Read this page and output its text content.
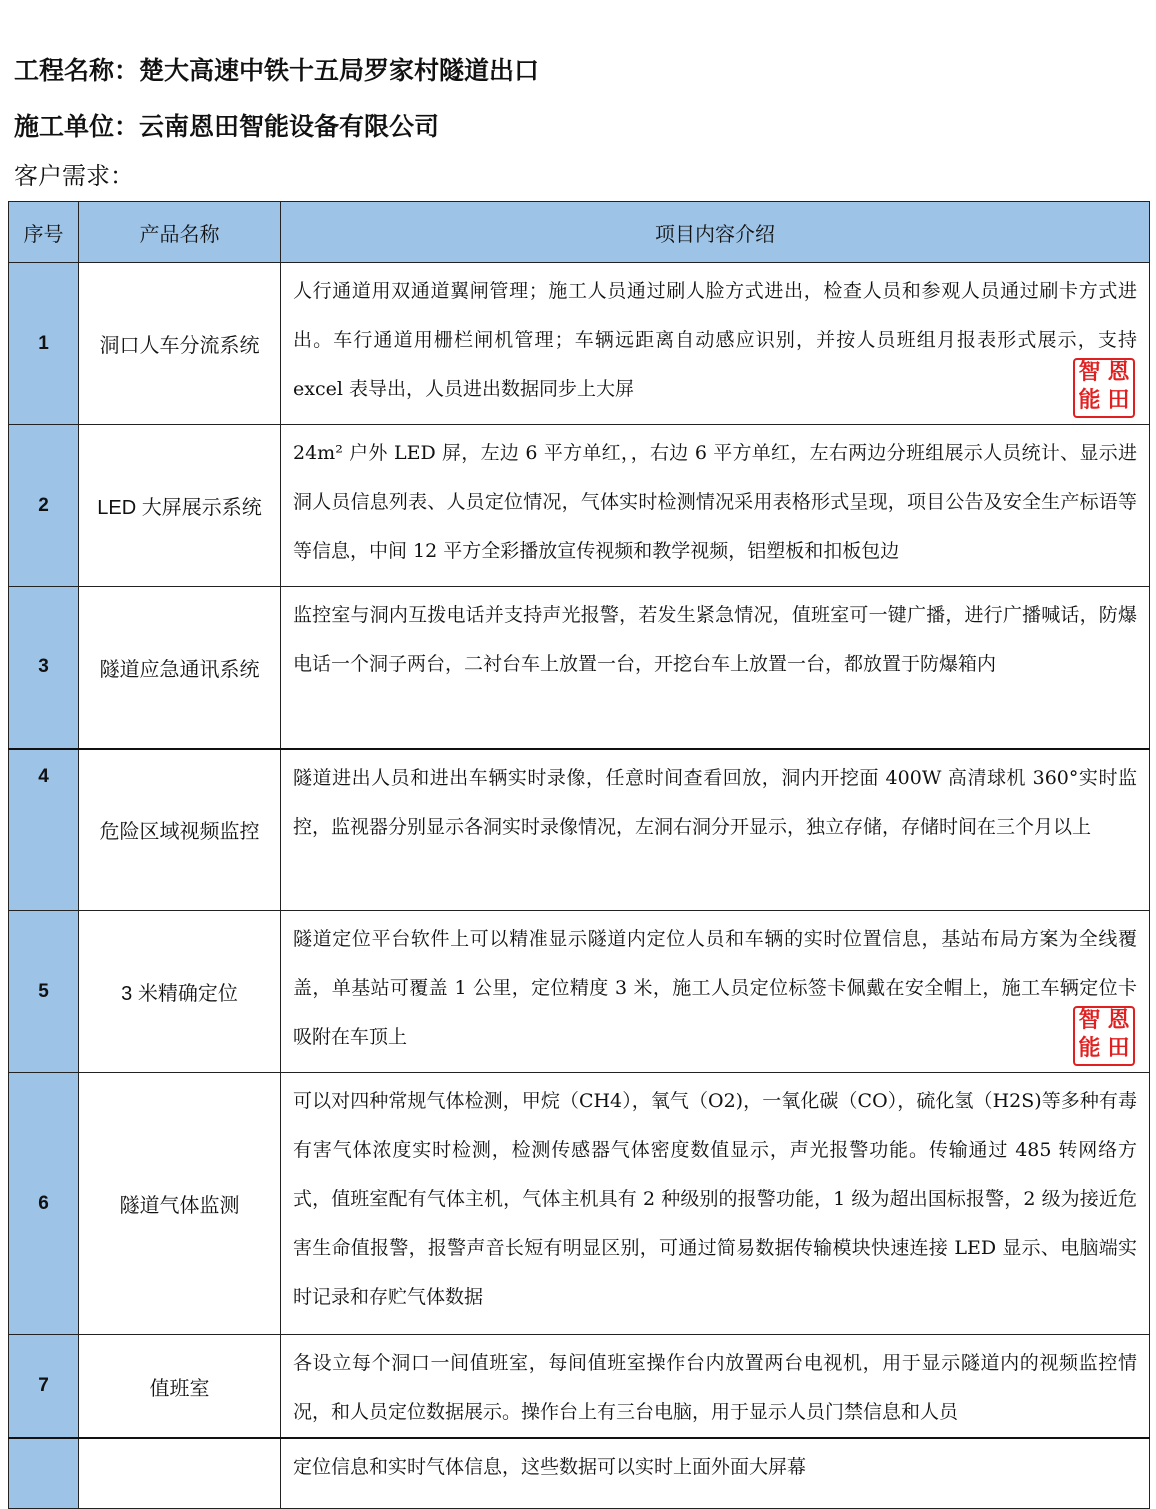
工程名称：楚大高速中铁十五局罗家村隧道出口
施工单位：云南恩田智能设备有限公司
客户需求：
序号	产品名称	项目内容介绍
1	洞口人车分流系统	人行通道用双通道翼闸管理；施工人员通过刷人脸方式进出，检查人员和参观人员通过刷卡方式进出。车行通道用栅栏闸机管理；车辆远距离自动感应识别，并按人员班组月报表形式展示，支持 excel 表导出，人员进出数据同步上大屏
智 恩
能 田

2	LED 大屏展示系统	24m² 户外 LED 屏，左边 6 平方单红，，右边 6 平方单红，左右两边分班组展示人员统计、显示进洞人员信息列表、人员定位情况，气体实时检测情况采用表格形式呈现，项目公告及安全生产标语等等信息，中间 12 平方全彩播放宣传视频和教学视频，铝塑板和扣板包边
3	隧道应急通讯系统	监控室与洞内互拨电话并支持声光报警，若发生紧急情况，值班室可一键广播，进行广播喊话，防爆电话一个洞子两台，二衬台车上放置一台，开挖台车上放置一台，都放置于防爆箱内
4	危险区域视频监控	隧道进出人员和进出车辆实时录像，任意时间查看回放，洞内开挖面 400W 高清球机 360°实时监控，监视器分别显示各洞实时录像情况，左洞右洞分开显示，独立存储，存储时间在三个月以上
5	3 米精确定位	隧道定位平台软件上可以精准显示隧道内定位人员和车辆的实时位置信息，基站布局方案为全线覆盖，单基站可覆盖 1 公里，定位精度 3 米，施工人员定位标签卡佩戴在安全帽上，施工车辆定位卡吸附在车顶上
智 恩
能 田

6	隧道气体监测	可以对四种常规气体检测，甲烷（CH4），氧气（O2)，一氧化碳（CO），硫化氢（H2S)等多种有毒有害气体浓度实时检测，检测传感器气体密度数值显示，声光报警功能。传输通过 485 转网络方式，值班室配有气体主机，气体主机具有 2 种级别的报警功能，1 级为超出国标报警，2 级为接近危害生命值报警，报警声音长短有明显区别，可通过简易数据传输模块快速连接 LED 显示、电脑端实时记录和存贮气体数据
7	值班室	各设立每个洞口一间值班室，每间值班室操作台内放置两台电视机，用于显示隧道内的视频监控情况，和人员定位数据展示。操作台上有三台电脑，用于显示人员门禁信息和人员
		定位信息和实时气体信息，这些数据可以实时上面外面大屏幕
